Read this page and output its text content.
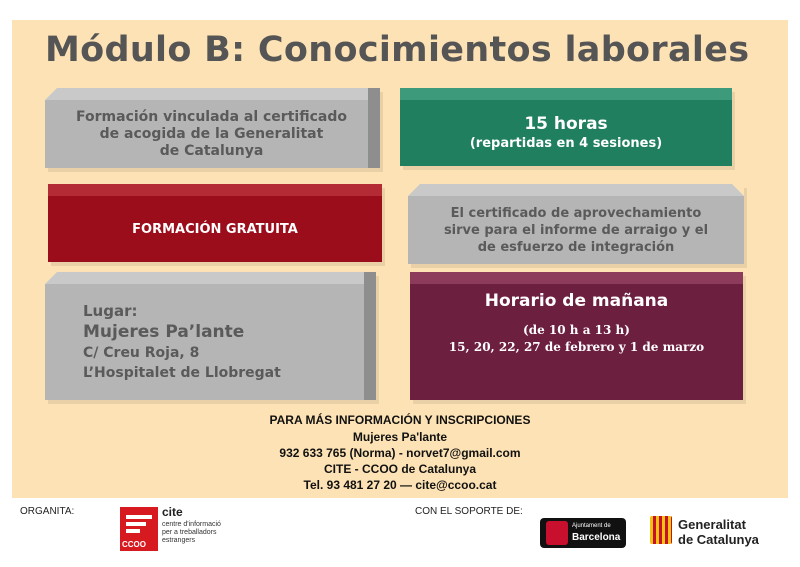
Módulo B: Conocimientos laborales
Formación vinculada al certificado
de acogida de la Generalitat
de Catalunya
15 horas
(repartidas en 4 sesiones)
FORMACIÓN GRATUITA
El certificado de aprovechamiento
sirve para el informe de arraigo y el
de esfuerzo de integración
Lugar:
Mujeres Pa’lante
C/ Creu Roja, 8
L’Hospitalet de Llobregat
Horario de mañana
(de 10 h a 13 h)
15, 20, 22, 27 de febrero y 1 de marzo
PARA MÁS INFORMACIÓN Y INSCRIPCIONES
Mujeres Pa'lante
932 633 765 (Norma) - norvet7@gmail.com
CITE - CCOO de Catalunya
Tel. 93 481 27 20 — cite@ccoo.cat
ORGANITA:
CCOO
cite
centre d'informació per a treballadors estrangers
CON EL SOPORTE DE:
Ajuntament de
Barcelona
Generalitat
de Catalunya
